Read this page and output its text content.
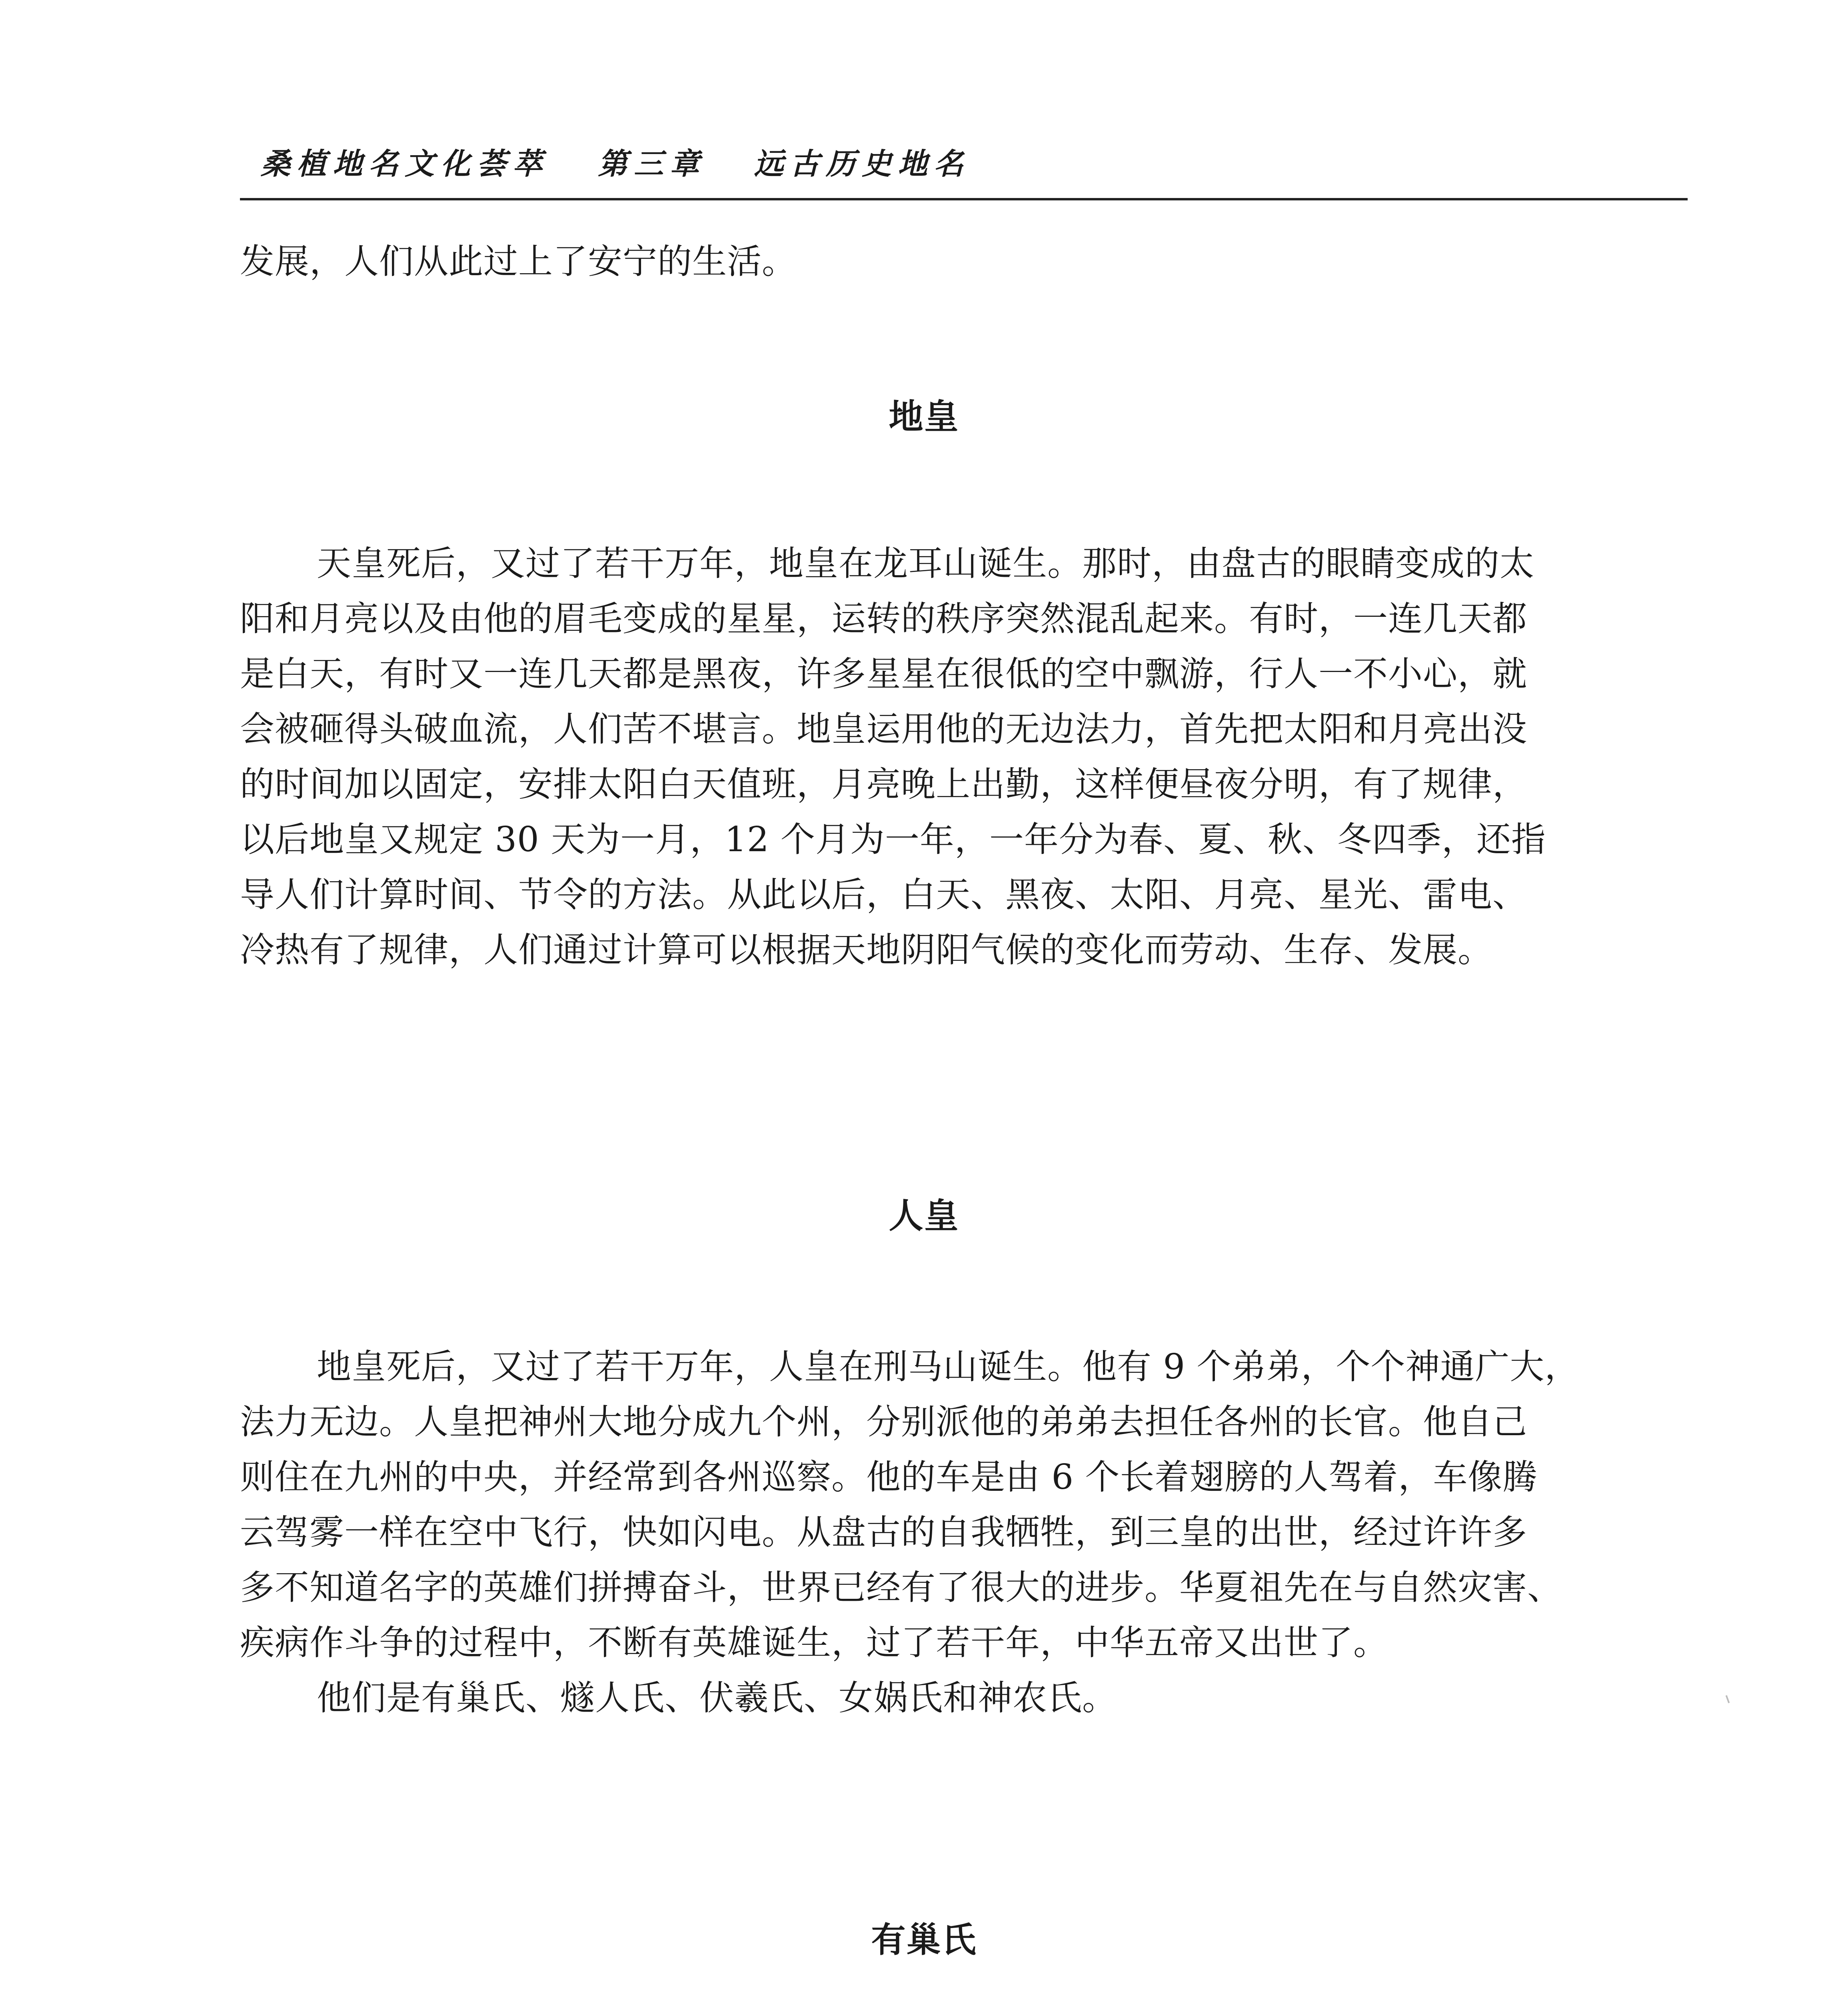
桑植地名文化荟萃 第三章 远古历史地名
发展，人们从此过上了安宁的生活。
地皇
天皇死后，又过了若干万年，地皇在龙耳山诞生。那时，由盘古的眼睛变成的太
阳和月亮以及由他的眉毛变成的星星，运转的秩序突然混乱起来。有时，一连几天都
是白天，有时又一连几天都是黑夜，许多星星在很低的空中飘游，行人一不小心，就
会被砸得头破血流，人们苦不堪言。地皇运用他的无边法力，首先把太阳和月亮出没
的时间加以固定，安排太阳白天值班，月亮晚上出勤，这样便昼夜分明，有了规律，
以后地皇又规定 30 天为一月，12 个月为一年，一年分为春、夏、秋、冬四季，还指
导人们计算时间、节令的方法。从此以后，白天、黑夜、太阳、月亮、星光、雷电、
冷热有了规律，人们通过计算可以根据天地阴阳气候的变化而劳动、生存、发展。
人皇
地皇死后，又过了若干万年，人皇在刑马山诞生。他有 9 个弟弟，个个神通广大，
法力无边。人皇把神州大地分成九个州，分别派他的弟弟去担任各州的长官。他自己
则住在九州的中央，并经常到各州巡察。他的车是由 6 个长着翅膀的人驾着，车像腾
云驾雾一样在空中飞行，快如闪电。从盘古的自我牺牲，到三皇的出世，经过许许多
多不知道名字的英雄们拼搏奋斗，世界已经有了很大的进步。华夏祖先在与自然灾害、
疾病作斗争的过程中，不断有英雄诞生，过了若干年，中华五帝又出世了。
他们是有巢氏、燧人氏、伏羲氏、女娲氏和神农氏。
有巢氏
